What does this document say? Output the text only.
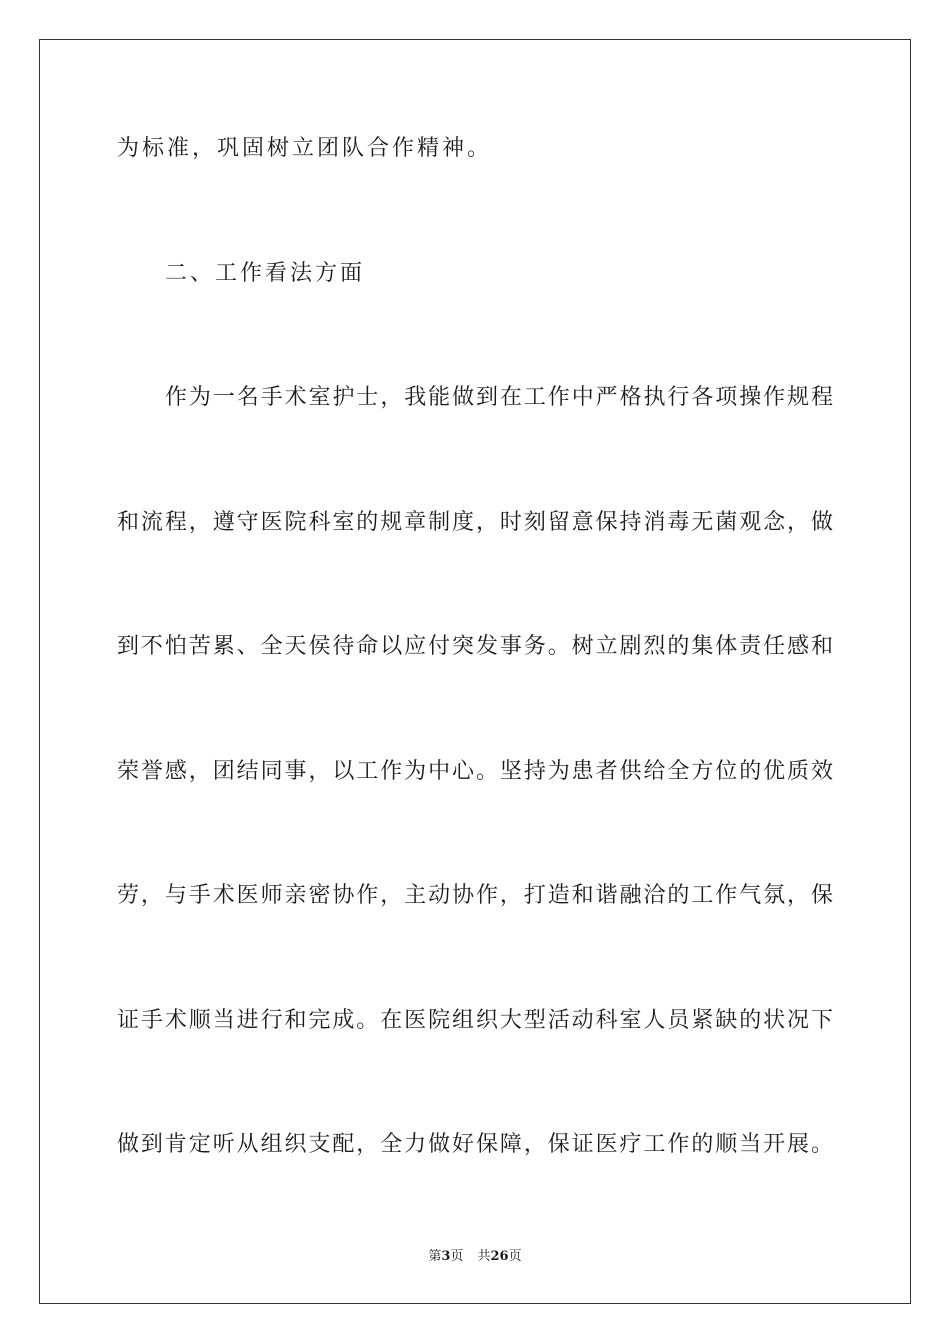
为标准，巩固树立团队合作精神。
二、工作看法方面
作为一名手术室护士，我能做到在工作中严格执行各项操作规程
和流程，遵守医院科室的规章制度，时刻留意保持消毒无菌观念，做
到不怕苦累、全天侯待命以应付突发事务。树立剧烈的集体责任感和
荣誉感，团结同事，以工作为中心。坚持为患者供给全方位的优质效
劳，与手术医师亲密协作，主动协作，打造和谐融洽的工作气氛，保
证手术顺当进行和完成。在医院组织大型活动科室人员紧缺的状况下
做到肯定听从组织支配，全力做好保障，保证医疗工作的顺当开展。
第3页 共26页
